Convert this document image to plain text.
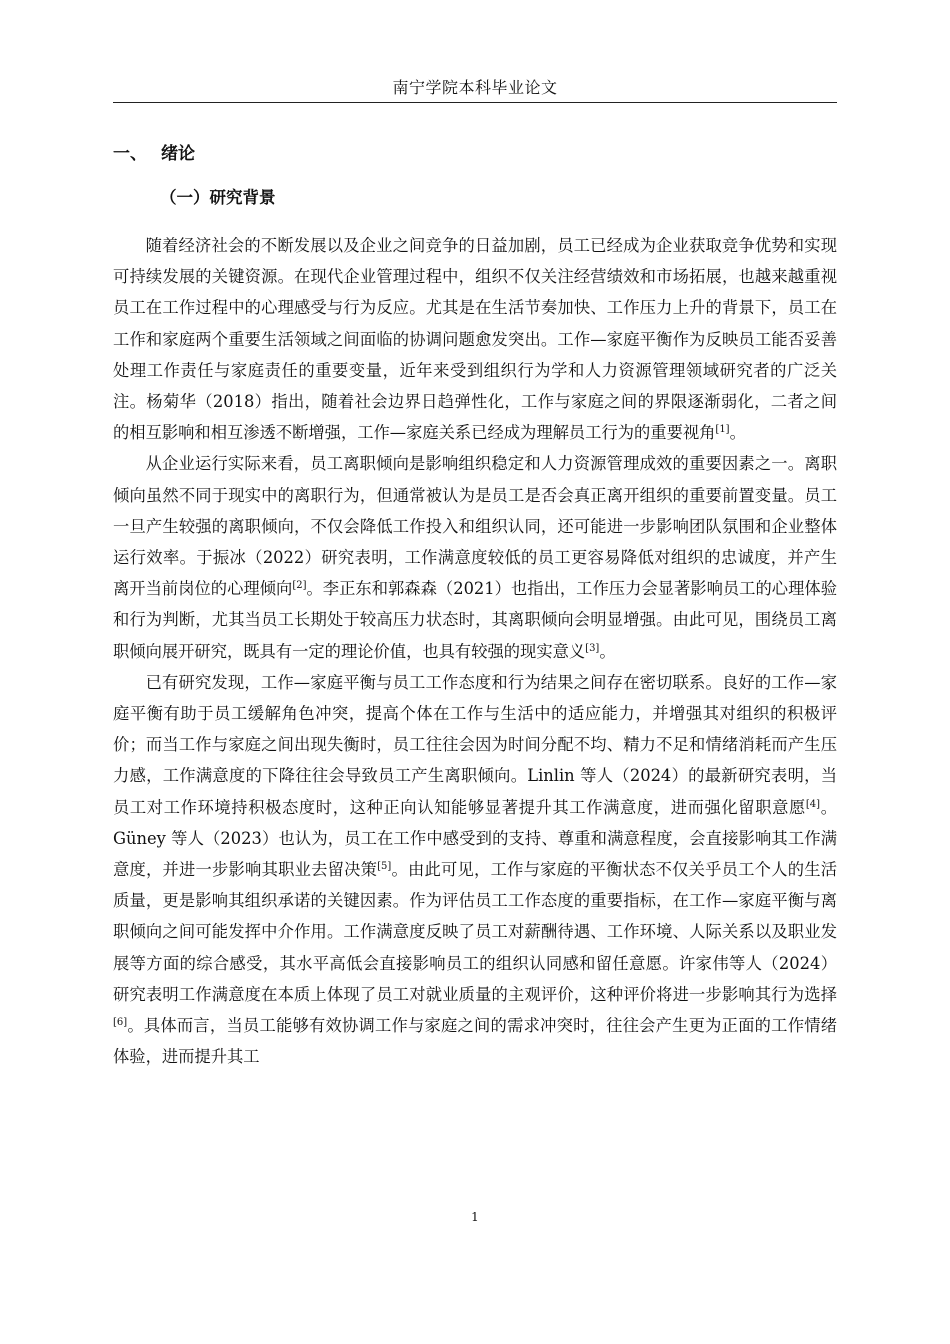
南宁学院本科毕业论文
一、 绪论
（一）研究背景

随着经济社会的不断发展以及企业之间竞争的日益加剧，员工已经成为企业获取竞争优势和实现可持续发展的关键资源。在现代企业管理过程中，组织不仅关注经营绩效和市场拓展，也越来越重视员工在工作过程中的心理感受与行为反应。尤其是在生活节奏加快、工作压力上升的背景下，员工在工作和家庭两个重要生活领域之间面临的协调问题愈发突出。工作—家庭平衡作为反映员工能否妥善处理工作责任与家庭责任的重要变量，近年来受到组织行为学和人力资源管理领域研究者的广泛关注。杨菊华（2018）指出，随着社会边界日趋弹性化，工作与家庭之间的界限逐渐弱化，二者之间的相互影响和相互渗透不断增强，工作—家庭关系已经成为理解员工行为的重要视角[1]。

从企业运行实际来看，员工离职倾向是影响组织稳定和人力资源管理成效的重要因素之一。离职倾向虽然不同于现实中的离职行为，但通常被认为是员工是否会真正离开组织的重要前置变量。员工一旦产生较强的离职倾向，不仅会降低工作投入和组织认同，还可能进一步影响团队氛围和企业整体运行效率。于振冰（2022）研究表明，工作满意度较低的员工更容易降低对组织的忠诚度，并产生离开当前岗位的心理倾向[2]。李正东和郭森森（2021）也指出，工作压力会显著影响员工的心理体验和行为判断，尤其当员工长期处于较高压力状态时，其离职倾向会明显增强。由此可见，围绕员工离职倾向展开研究，既具有一定的理论价值，也具有较强的现实意义[3]。

已有研究发现，工作—家庭平衡与员工工作态度和行为结果之间存在密切联系。良好的工作—家庭平衡有助于员工缓解角色冲突，提高个体在工作与生活中的适应能力，并增强其对组织的积极评价；而当工作与家庭之间出现失衡时，员工往往会因为时间分配不均、精力不足和情绪消耗而产生压力感，工作满意度的下降往往会导致员工产生离职倾向。Linlin 等人（2024）的最新研究表明，当员工对工作环境持积极态度时，这种正向认知能够显著提升其工作满意度，进而强化留职意愿[4]。Güney 等人（2023）也认为，员工在工作中感受到的支持、尊重和满意程度，会直接影响其工作满意度，并进一步影响其职业去留决策[5]。由此可见，工作与家庭的平衡状态不仅关乎员工个人的生活质量，更是影响其组织承诺的关键因素。作为评估员工工作态度的重要指标，在工作—家庭平衡与离职倾向之间可能发挥中介作用。工作满意度反映了员工对薪酬待遇、工作环境、人际关系以及职业发展等方面的综合感受，其水平高低会直接影响员工的组织认同感和留任意愿。许家伟等人（2024）研究表明工作满意度在本质上体现了员工对就业质量的主观评价，这种评价将进一步影响其行为选择[6]。具体而言，当员工能够有效协调工作与家庭之间的需求冲突时，往往会产生更为正面的工作情绪体验，进而提升其工

1
